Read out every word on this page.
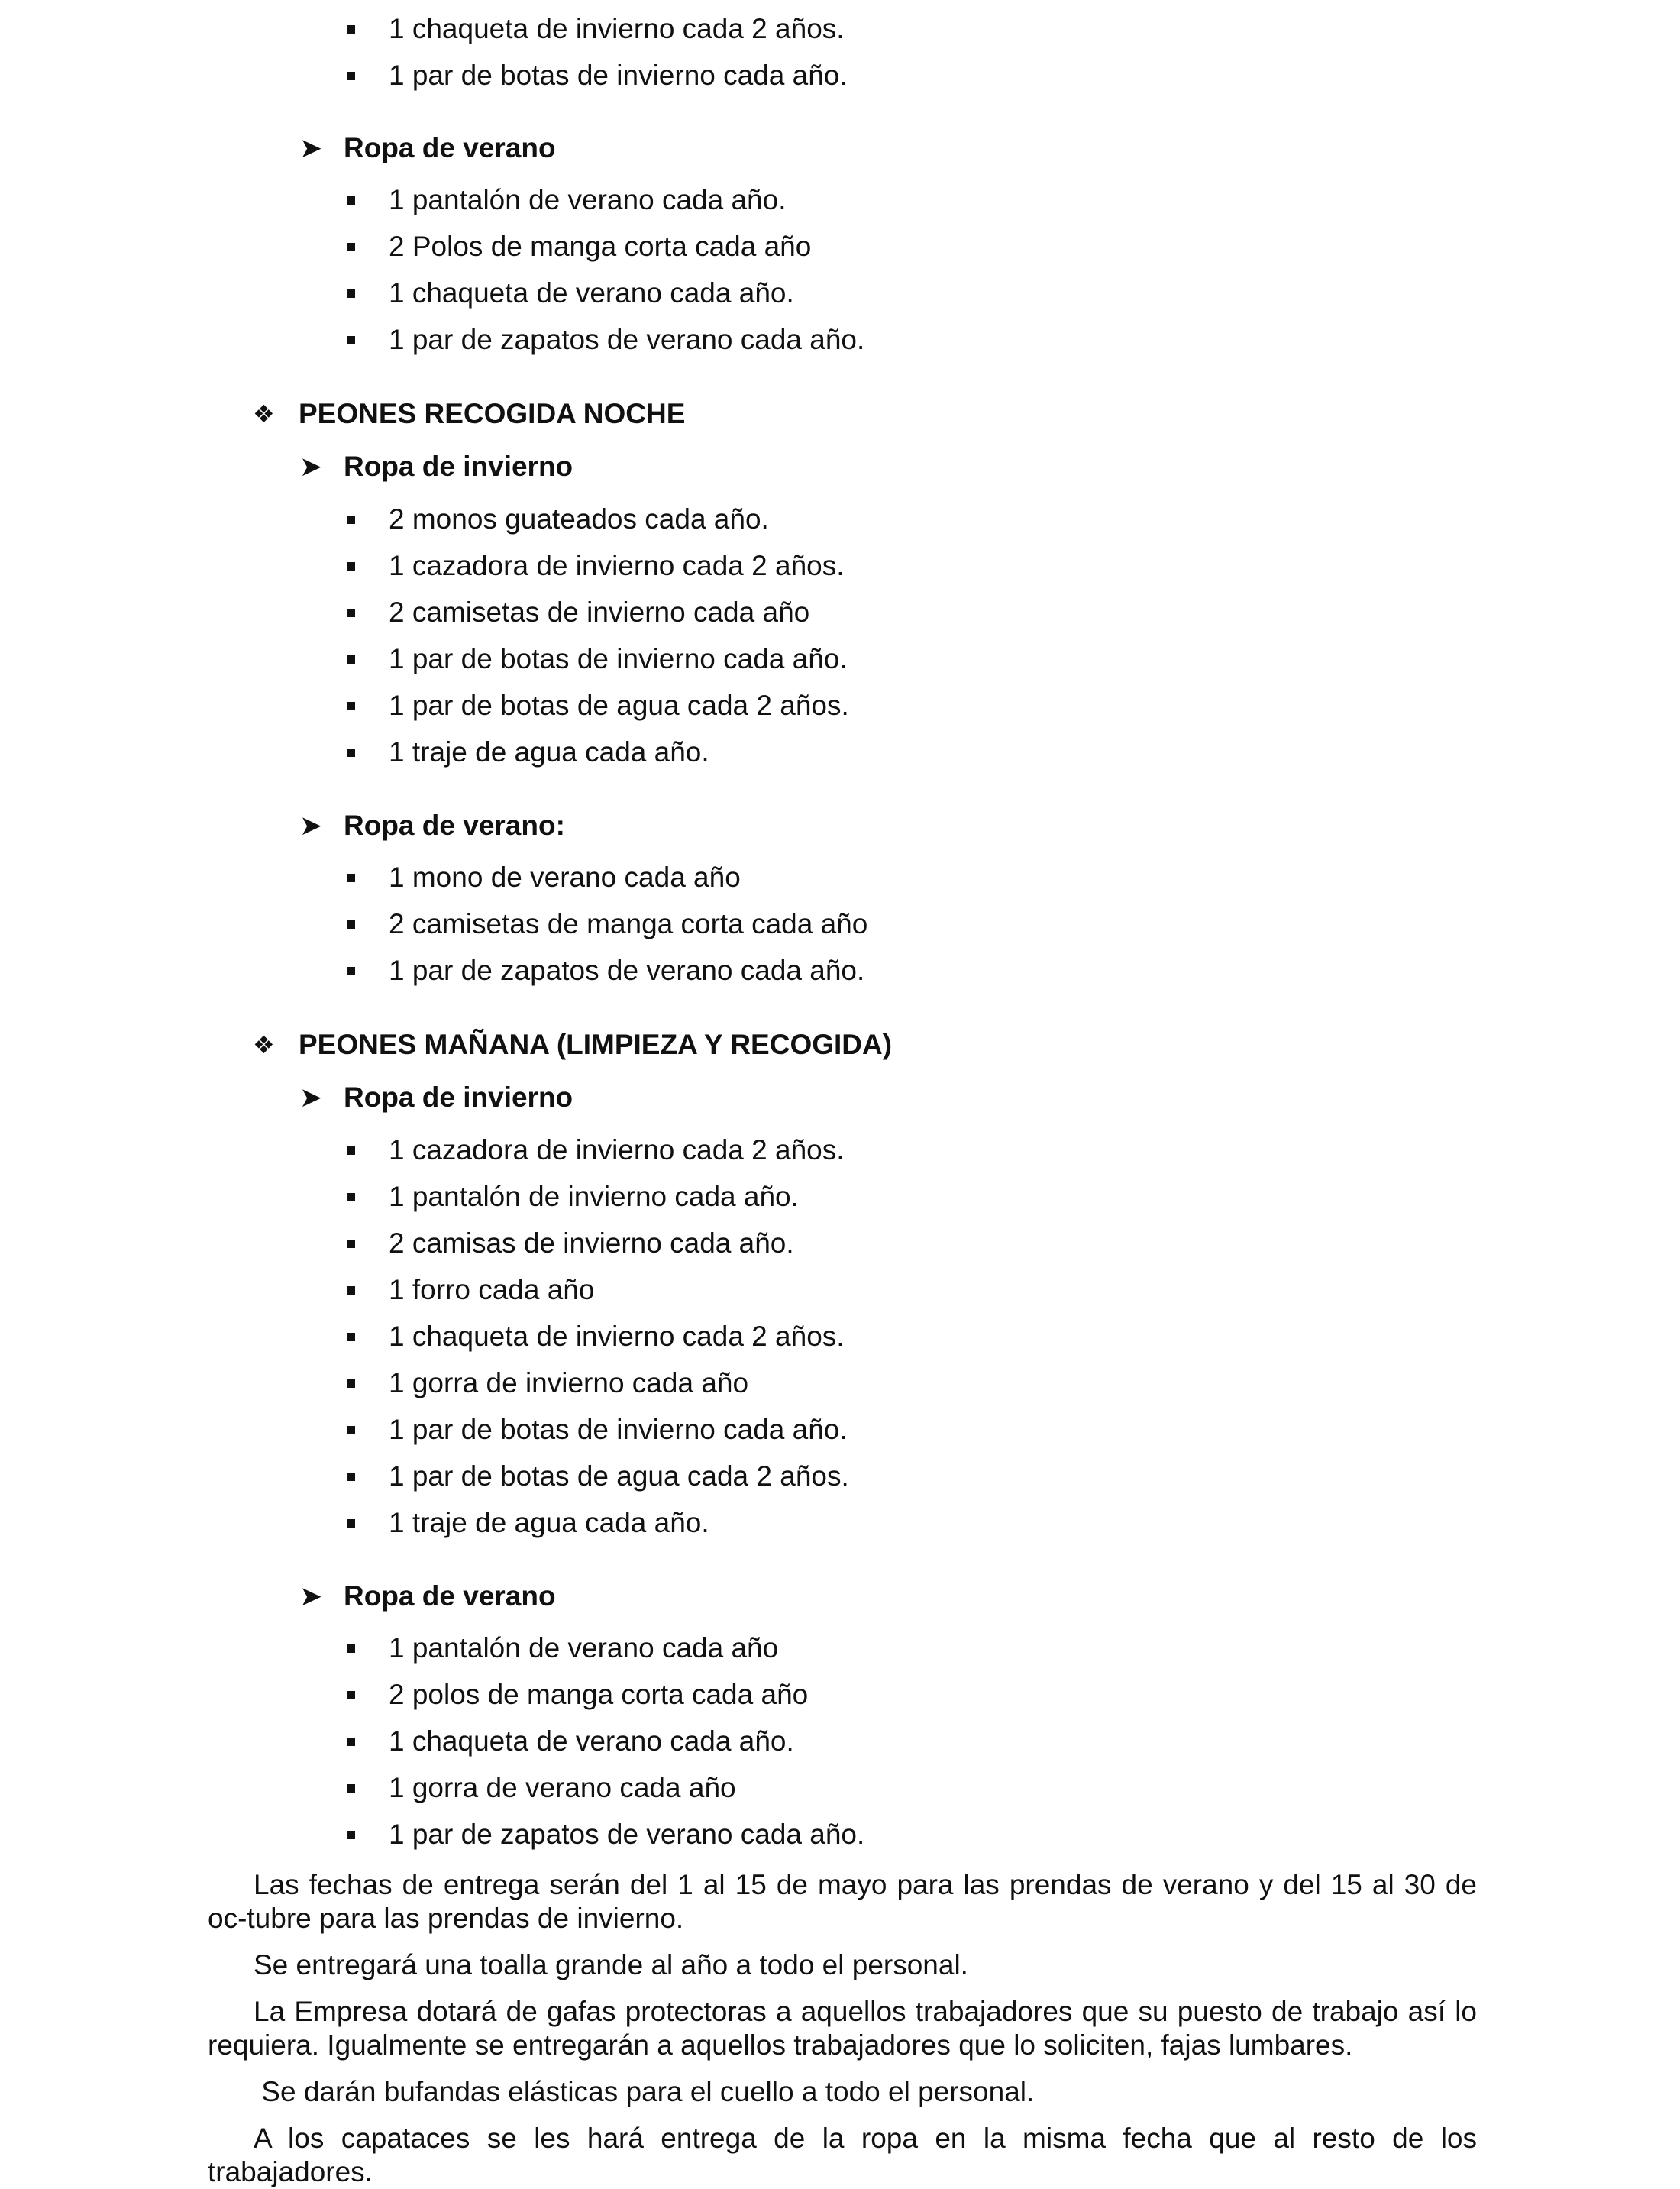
1 chaqueta de invierno cada 2 años.
1 par de botas de invierno cada año.
➤ Ropa de verano
1 pantalón de verano cada año.
2 Polos de manga corta cada año
1 chaqueta de verano cada año.
1 par de zapatos de verano cada año.
❖ PEONES RECOGIDA NOCHE
➤ Ropa de invierno
2 monos guateados cada año.
1 cazadora de invierno cada 2 años.
2 camisetas de invierno cada año
1 par de botas de invierno cada año.
1 par de botas de agua cada 2 años.
1 traje de agua cada año.
➤ Ropa de verano:
1 mono de verano cada año
2 camisetas de manga corta cada año
1 par de zapatos de verano cada año.
❖ PEONES MAÑANA (LIMPIEZA Y RECOGIDA)
➤ Ropa de invierno
1 cazadora de invierno cada 2 años.
1 pantalón de invierno cada año.
2 camisas de invierno cada año.
1 forro cada año
1 chaqueta de invierno cada 2 años.
1 gorra de invierno cada año
1 par de botas de invierno cada año.
1 par de botas de agua cada 2 años.
1 traje de agua cada año.
➤ Ropa de verano
1 pantalón de verano cada año
2 polos de manga corta cada año
1 chaqueta de verano cada año.
1 gorra de verano cada año
1 par de zapatos de verano cada año.
Las fechas de entrega serán del 1 al 15 de mayo para las prendas de verano y del 15 al 30 de oc-tubre para las prendas de invierno.
Se entregará una toalla grande al año a todo el personal.
La Empresa dotará de gafas protectoras a aquellos trabajadores que su puesto de trabajo así lo requiera. Igualmente se entregarán a aquellos trabajadores que lo soliciten, fajas lumbares.
Se darán bufandas elásticas para el cuello a todo el personal.
A los capataces se les hará entrega de la ropa en la misma fecha que al resto de los trabajadores.
